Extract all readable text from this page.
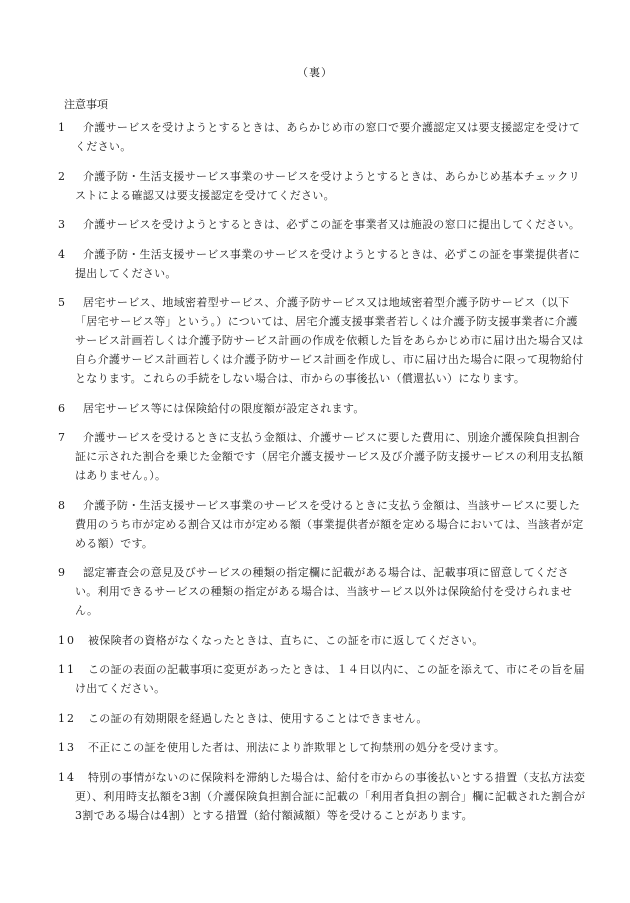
（裏）
注意事項
1 介護サービスを受けようとするときは、あらかじめ市の窓口で要介護認定又は要支援認定を受けてください。
2 介護予防・生活支援サービス事業のサービスを受けようとするときは、あらかじめ基本チェックリストによる確認又は要支援認定を受けてください。
3 介護サービスを受けようとするときは、必ずこの証を事業者又は施設の窓口に提出してください。
4 介護予防・生活支援サービス事業のサービスを受けようとするときは、必ずこの証を事業提供者に提出してください。
5 居宅サービス、地域密着型サービス、介護予防サービス又は地域密着型介護予防サービス（以下「居宅サービス等」という。）については、居宅介護支援事業者若しくは介護予防支援事業者に介護サービス計画若しくは介護予防サービス計画の作成を依頼した旨をあらかじめ市に届け出た場合又は自ら介護サービス計画若しくは介護予防サービス計画を作成し、市に届け出た場合に限って現物給付となります。これらの手続をしない場合は、市からの事後払い（償還払い）になります。
6 居宅サービス等には保険給付の限度額が設定されます。
7 介護サービスを受けるときに支払う金額は、介護サービスに要した費用に、別途介護保険負担割合証に示された割合を乗じた金額です（居宅介護支援サービス及び介護予防支援サービスの利用支払額はありません。）。
8 介護予防・生活支援サービス事業のサービスを受けるときに支払う金額は、当該サービスに要した費用のうち市が定める割合又は市が定める額（事業提供者が額を定める場合においては、当該者が定める額）です。
9 認定審査会の意見及びサービスの種類の指定欄に記載がある場合は、記載事項に留意してください。利用できるサービスの種類の指定がある場合は、当該サービス以外は保険給付を受けられません。
10 被保険者の資格がなくなったときは、直ちに、この証を市に返してください。
11 この証の表面の記載事項に変更があったときは、１４日以内に、この証を添えて、市にその旨を届け出てください。
12 この証の有効期限を経過したときは、使用することはできません。
13 不正にこの証を使用した者は、刑法により詐欺罪として拘禁刑の処分を受けます。
14 特別の事情がないのに保険料を滞納した場合は、給付を市からの事後払いとする措置（支払方法変更）、利用時支払額を3割（介護保険負担割合証に記載の「利用者負担の割合」欄に記載された割合が3割である場合は4割）とする措置（給付額減額）等を受けることがあります。
